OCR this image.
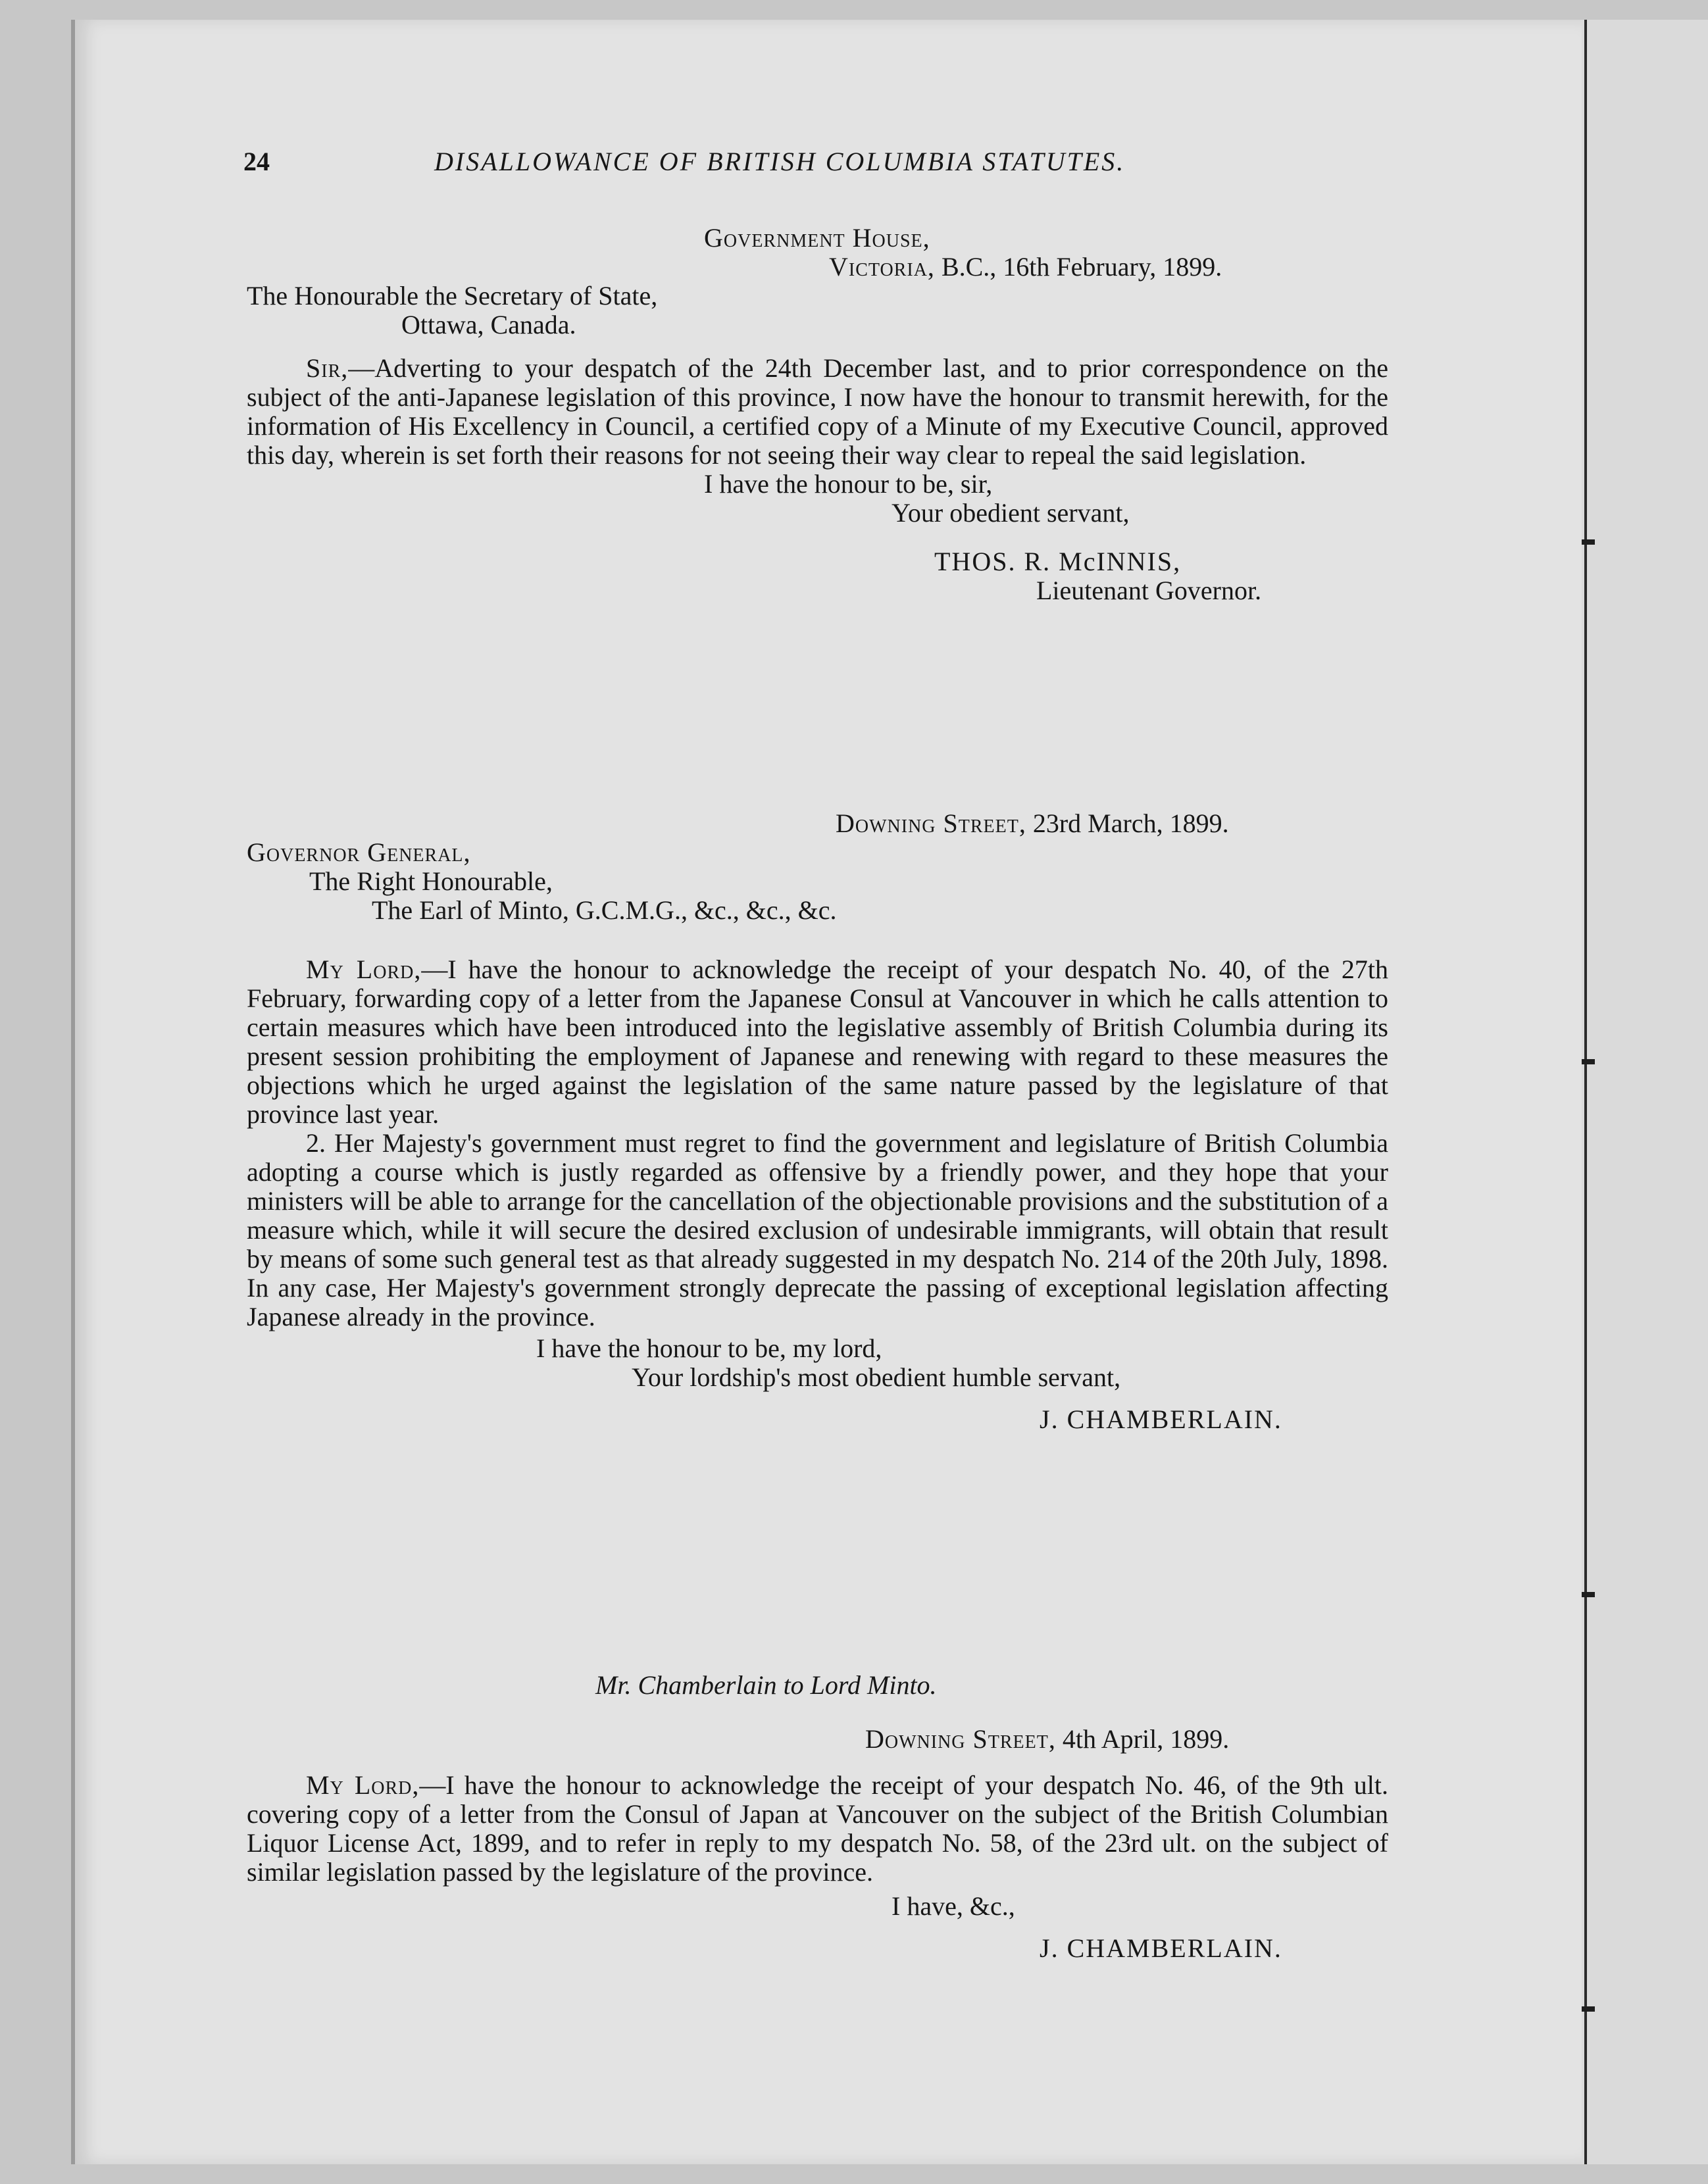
24	DISALLOWANCE OF BRITISH COLUMBIA STATUTES.
Government House,
Victoria, B.C., 16th February, 1899.
The Honourable the Secretary of State,
Ottawa, Canada.

Sir,—Adverting to your despatch of the 24th December last, and to prior correspondence on the subject of the anti-Japanese legislation of this province, I now have the honour to transmit herewith, for the information of His Excellency in Council, a certified copy of a Minute of my Executive Council, approved this day, wherein is set forth their reasons for not seeing their way clear to repeal the said legislation.

I have the honour to be, sir,
Your obedient servant,
THOS. R. McINNIS,
Lieutenant Governor.
Downing Street, 23rd March, 1899.
Governor General,
The Right Honourable,
The Earl of Minto, G.C.M.G., &c., &c., &c.

My Lord,—I have the honour to acknowledge the receipt of your despatch No. 40, of the 27th February, forwarding copy of a letter from the Japanese Consul at Vancouver in which he calls attention to certain measures which have been introduced into the legislative assembly of British Columbia during its present session prohibiting the employment of Japanese and renewing with regard to these measures the objections which he urged against the legislation of the same nature passed by the legislature of that province last year.

2. Her Majesty's government must regret to find the government and legislature of British Columbia adopting a course which is justly regarded as offensive by a friendly power, and they hope that your ministers will be able to arrange for the cancellation of the objectionable provisions and the substitution of a measure which, while it will secure the desired exclusion of undesirable immigrants, will obtain that result by means of some such general test as that already suggested in my despatch No. 214 of the 20th July, 1898. In any case, Her Majesty's government strongly deprecate the passing of exceptional legislation affecting Japanese already in the province.

I have the honour to be, my lord,
Your lordship's most obedient humble servant,
J. CHAMBERLAIN.
Mr. Chamberlain to Lord Minto.
Downing Street, 4th April, 1899.

My Lord,—I have the honour to acknowledge the receipt of your despatch No. 46, of the 9th ult. covering copy of a letter from the Consul of Japan at Vancouver on the subject of the British Columbian Liquor License Act, 1899, and to refer in reply to my despatch No. 58, of the 23rd ult. on the subject of similar legislation passed by the legislature of the province.

I have, &c.,
J. CHAMBERLAIN.
